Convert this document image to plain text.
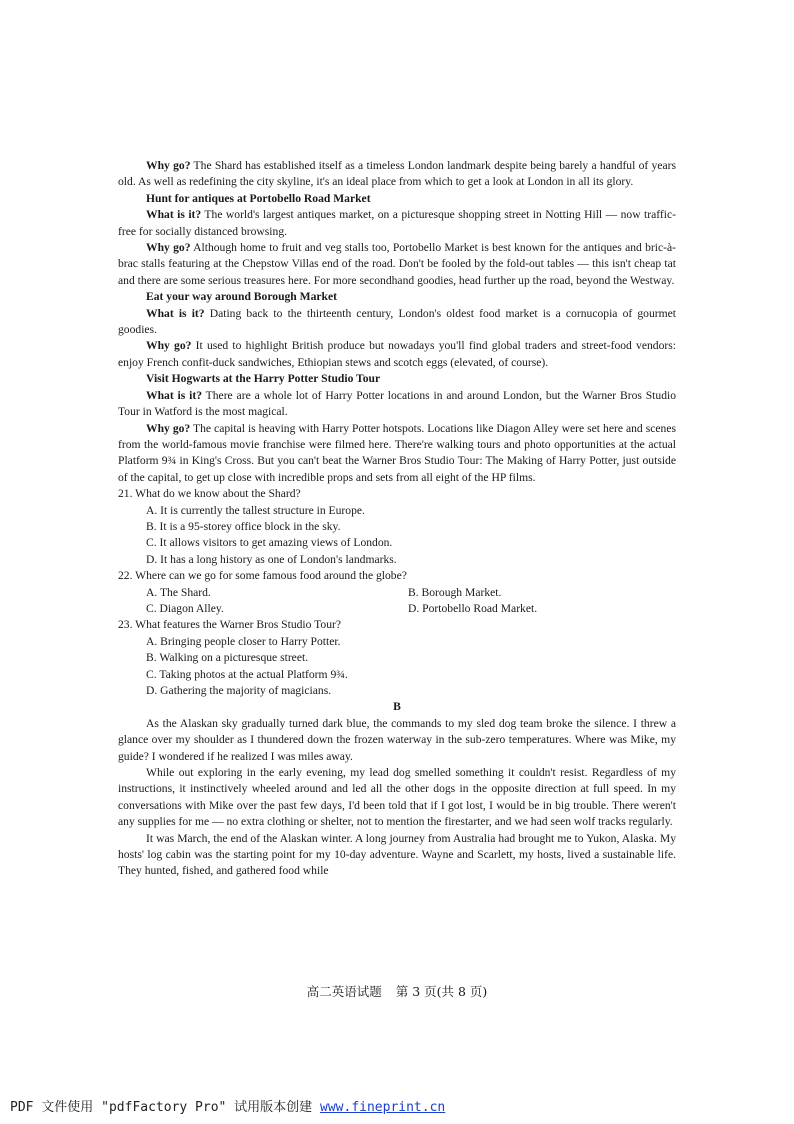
Why go? The Shard has established itself as a timeless London landmark despite being barely a handful of years old. As well as redefining the city skyline, it's an ideal place from which to get a look at London in all its glory.

Hunt for antiques at Portobello Road Market

What is it? The world's largest antiques market, on a picturesque shopping street in Notting Hill — now traffic-free for socially distanced browsing.

Why go? Although home to fruit and veg stalls too, Portobello Market is best known for the antiques and bric-à-brac stalls featuring at the Chepstow Villas end of the road. Don't be fooled by the fold-out tables — this isn't cheap tat and there are some serious treasures here. For more secondhand goodies, head further up the road, beyond the Westway.

Eat your way around Borough Market

What is it? Dating back to the thirteenth century, London's oldest food market is a cornucopia of gourmet goodies.

Why go? It used to highlight British produce but nowadays you'll find global traders and street-food vendors: enjoy French confit-duck sandwiches, Ethiopian stews and scotch eggs (elevated, of course).

Visit Hogwarts at the Harry Potter Studio Tour

What is it? There are a whole lot of Harry Potter locations in and around London, but the Warner Bros Studio Tour in Watford is the most magical.

Why go? The capital is heaving with Harry Potter hotspots. Locations like Diagon Alley were set here and scenes from the world-famous movie franchise were filmed here. There're walking tours and photo opportunities at the actual Platform 9¾ in King's Cross. But you can't beat the Warner Bros Studio Tour: The Making of Harry Potter, just outside of the capital, to get up close with incredible props and sets from all eight of the HP films.

21. What do we know about the Shard?

A. It is currently the tallest structure in Europe.

B. It is a 95-storey office block in the sky.

C. It allows visitors to get amazing views of London.

D. It has a long history as one of London's landmarks.

22. Where can we go for some famous food around the globe?

A. The Shard.	B. Borough Market.
C. Diagon Alley.	D. Portobello Road Market.

23. What features the Warner Bros Studio Tour?

A. Bringing people closer to Harry Potter.

B. Walking on a picturesque street.

C. Taking photos at the actual Platform 9¾.

D. Gathering the majority of magicians.

B

As the Alaskan sky gradually turned dark blue, the commands to my sled dog team broke the silence. I threw a glance over my shoulder as I thundered down the frozen waterway in the sub-zero temperatures. Where was Mike, my guide? I wondered if he realized I was miles away.

While out exploring in the early evening, my lead dog smelled something it couldn't resist. Regardless of my instructions, it instinctively wheeled around and led all the other dogs in the opposite direction at full speed. In my conversations with Mike over the past few days, I'd been told that if I got lost, I would be in big trouble. There weren't any supplies for me — no extra clothing or shelter, not to mention the firestarter, and we had seen wolf tracks regularly.

It was March, the end of the Alaskan winter. A long journey from Australia had brought me to Yukon, Alaska. My hosts' log cabin was the starting point for my 10-day adventure. Wayne and Scarlett, my hosts, lived a sustainable life. They hunted, fished, and gathered food while

高二英语试题 第 3 页(共 8 页)
PDF 文件使用 "pdfFactory Pro" 试用版本创建 www.fineprint.cn
